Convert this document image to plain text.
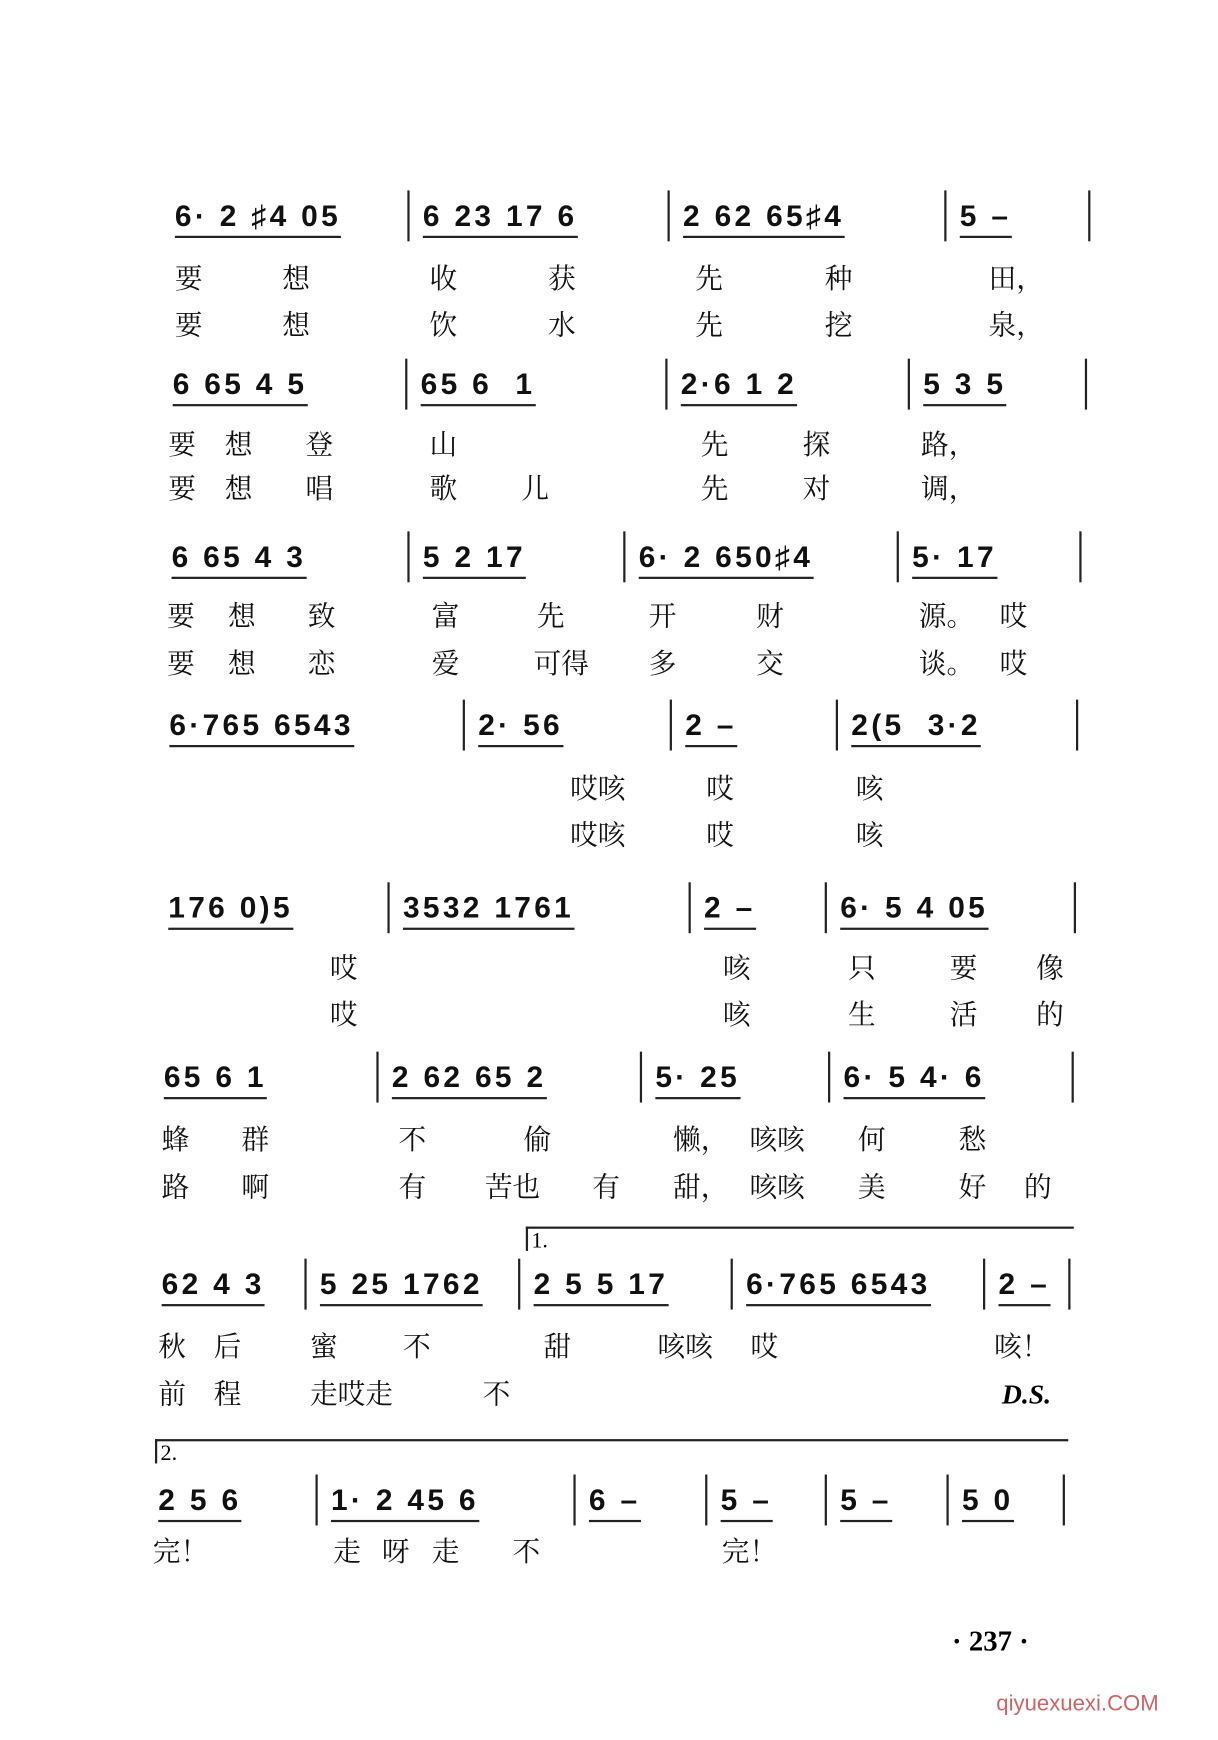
1.
2.
D.S.
· 237 ·
qiyuexuexi.COM
6· 2 ♯4 05	6 23 17 6	2 62 65♯4	5 –
要	想	收	获	先	种	田，
要	想	饮	水	先	挖	泉，
6 65 4 5	65 6  1	2·6 1 2	5 3 5
要 想 登	山	先	探	路，
要 想 唱	歌	儿	先	对	调，
6 65 4 3	5 2 17	6· 2 650♯4	5· 17
要 想 致	富	先	开	财	源。 哎
要 想 恋	爱	可得 多	交	谈。 哎
6·765 6543	2· 56	2 –	2(5  3·2
哎咳	哎	咳
哎咳	哎	咳
176 0)5	3532 1761	2 –	6· 5 4 05
哎	咳	只	要 像
哎	咳	生	活 的
65 6 1	2 62 65 2	5· 25	6· 5 4· 6
蜂 群	不	偷	懒， 咳咳 何	愁
路 啊	有 苦也 有 甜， 咳咳 美	好 的
62 4 3 5 25 1762 2 5 5 17	6·765 6543	2 –
秋 后	蜜	不	甜	咳咳 哎	咳！
前 程	走哎走	不
2 5 6	1· 2 45 6	6 –	5 –	5 –	5 0
完！	走 呀 走 不	完！
